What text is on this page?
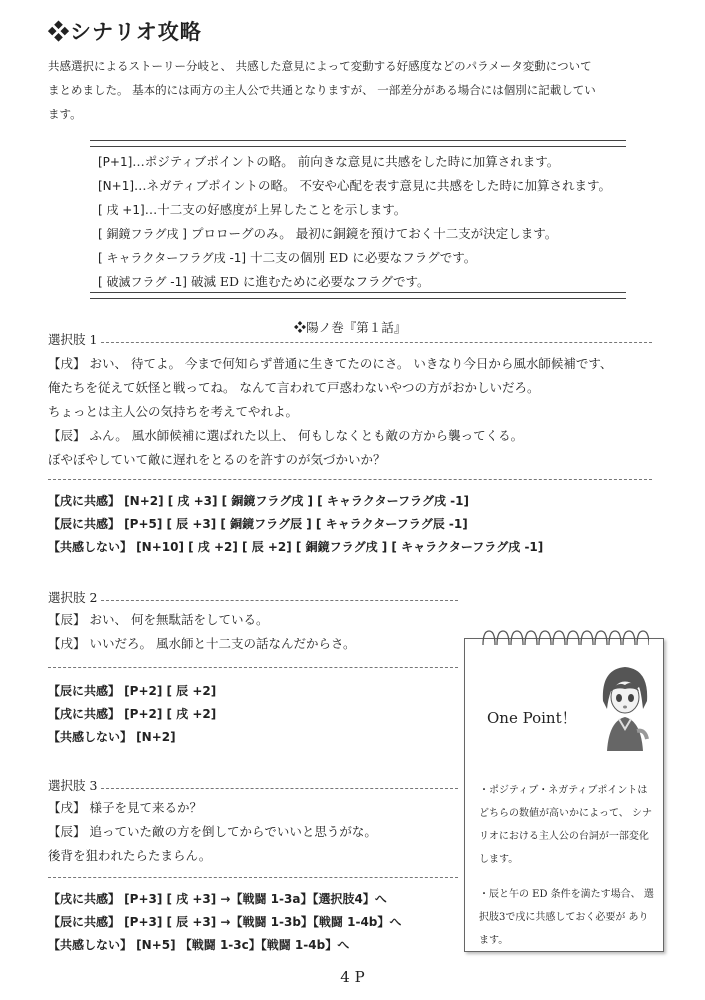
❖シナリオ攻略
共感選択によるストーリー分岐と、 共感した意見によって変動する好感度などのパラメータ変動について
まとめました。 基本的には両方の主人公で共通となりますが、 一部差分がある場合には個別に記載してい
ます。
[P+1]…ポジティブポイントの略。 前向きな意見に共感をした時に加算されます。
[N+1]…ネガティブポイントの略。 不安や心配を表す意見に共感をした時に加算されます。
[ 戌 +1]…十二支の好感度が上昇したことを示します。
[ 銅鏡フラグ戌 ] プロローグのみ。 最初に銅鏡を預けておく十二支が決定します。
[ キャラクターフラグ戌 -1] 十二支の個別 ED に必要なフラグです。
[ 破滅フラグ -1] 破滅 ED に進むために必要なフラグです。
❖陽ノ巻『第１話』
選択肢 1
【戌】 おい、 待てよ。 今まで何知らず普通に生きてたのにさ。 いきなり今日から風水師候補です、
俺たちを従えて妖怪と戦ってね。 なんて言われて戸惑わないやつの方がおかしいだろ。
ちょっとは主人公の気持ちを考えてやれよ。
【辰】 ふん。 風水師候補に選ばれた以上、 何もしなくとも敵の方から襲ってくる。
ぼやぼやしていて敵に遅れをとるのを許すのが気づかいか？
【戌に共感】 [N+2] [ 戌 +3] [ 銅鏡フラグ戌 ] [ キャラクターフラグ戌 -1]
【辰に共感】 [P+5] [ 辰 +3] [ 銅鏡フラグ辰 ] [ キャラクターフラグ辰 -1]
【共感しない】 [N+10] [ 戌 +2] [ 辰 +2] [ 銅鏡フラグ戌 ] [ キャラクターフラグ戌 -1]
選択肢 2
【辰】 おい、 何を無駄話をしている。
【戌】 いいだろ。 風水師と十二支の話なんだからさ。
【辰に共感】 [P+2] [ 辰 +2]
【戌に共感】 [P+2] [ 戌 +2]
【共感しない】 [N+2]
選択肢 3
【戌】 様子を見て来るか？
【辰】 追っていた敵の方を倒してからでいいと思うがな。
後背を狙われたらたまらん。
【戌に共感】 [P+3] [ 戌 +3] →【戦闘 1-3a】【選択肢4】へ
【辰に共感】 [P+3] [ 辰 +3] →【戦闘 1-3b】【戦闘 1-4b】へ
【共感しない】 [N+5] 【戦闘 1-3c】【戦闘 1-4b】へ
One Point！

・ポジティブ・ネガティブポイントは どちらの数値が高いかによって、 シナ リオにおける主人公の台詞が一部変化 します。

・辰と午の ED 条件を満たす場合、 選択肢3で戌に共感しておく必要が あります。

4 P
